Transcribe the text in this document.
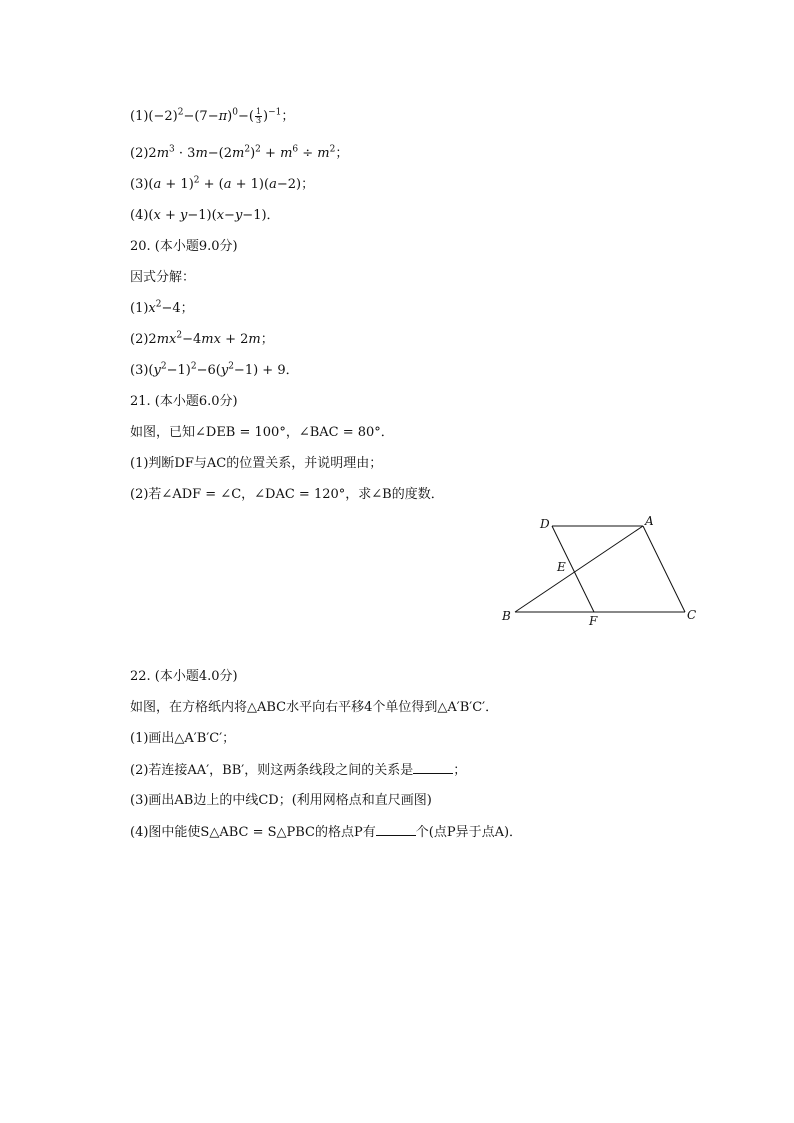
$(1)(-2)^2-(7-\pi)^0-( \frac{1}{3} )^{-1}$；
$(2)2m^3 \cdot 3m-(2m^2)^2 + m^6 \div m^2$；
$(3)(a + 1)^2 + (a + 1)(a-2)$；
(4)(x + y−1)(x−y−1)．
20. (本小题9.0分)
因式分解：
$(1)x^2-4$；
$(2)2mx^2-4mx + 2m$；
$(3)(y^2-1)^2-6(y^2-1) + 9$．
21. (本小题6.0分)
如图，已知∠DEB = 100°，∠BAC = 80°．
(1)判断DF与AC的位置关系，并说明理由；
(2)若∠ADF = ∠C，∠DAC = 120°，求∠B的度数．
D	A
E
B	F	C
22. (本小题4.0分)
如图，在方格纸内将△ABC水平向右平移4个单位得到△A′B′C′．
(1)画出△A′B′C′；
(2)若连接AA′，BB′，则这两条线段之间的关系是	；
(3)画出AB边上的中线CD；(利用网格点和直尺画图)
(4)图中能使S△ABC = S△PBC的格点P有	个(点P异于点A)．
